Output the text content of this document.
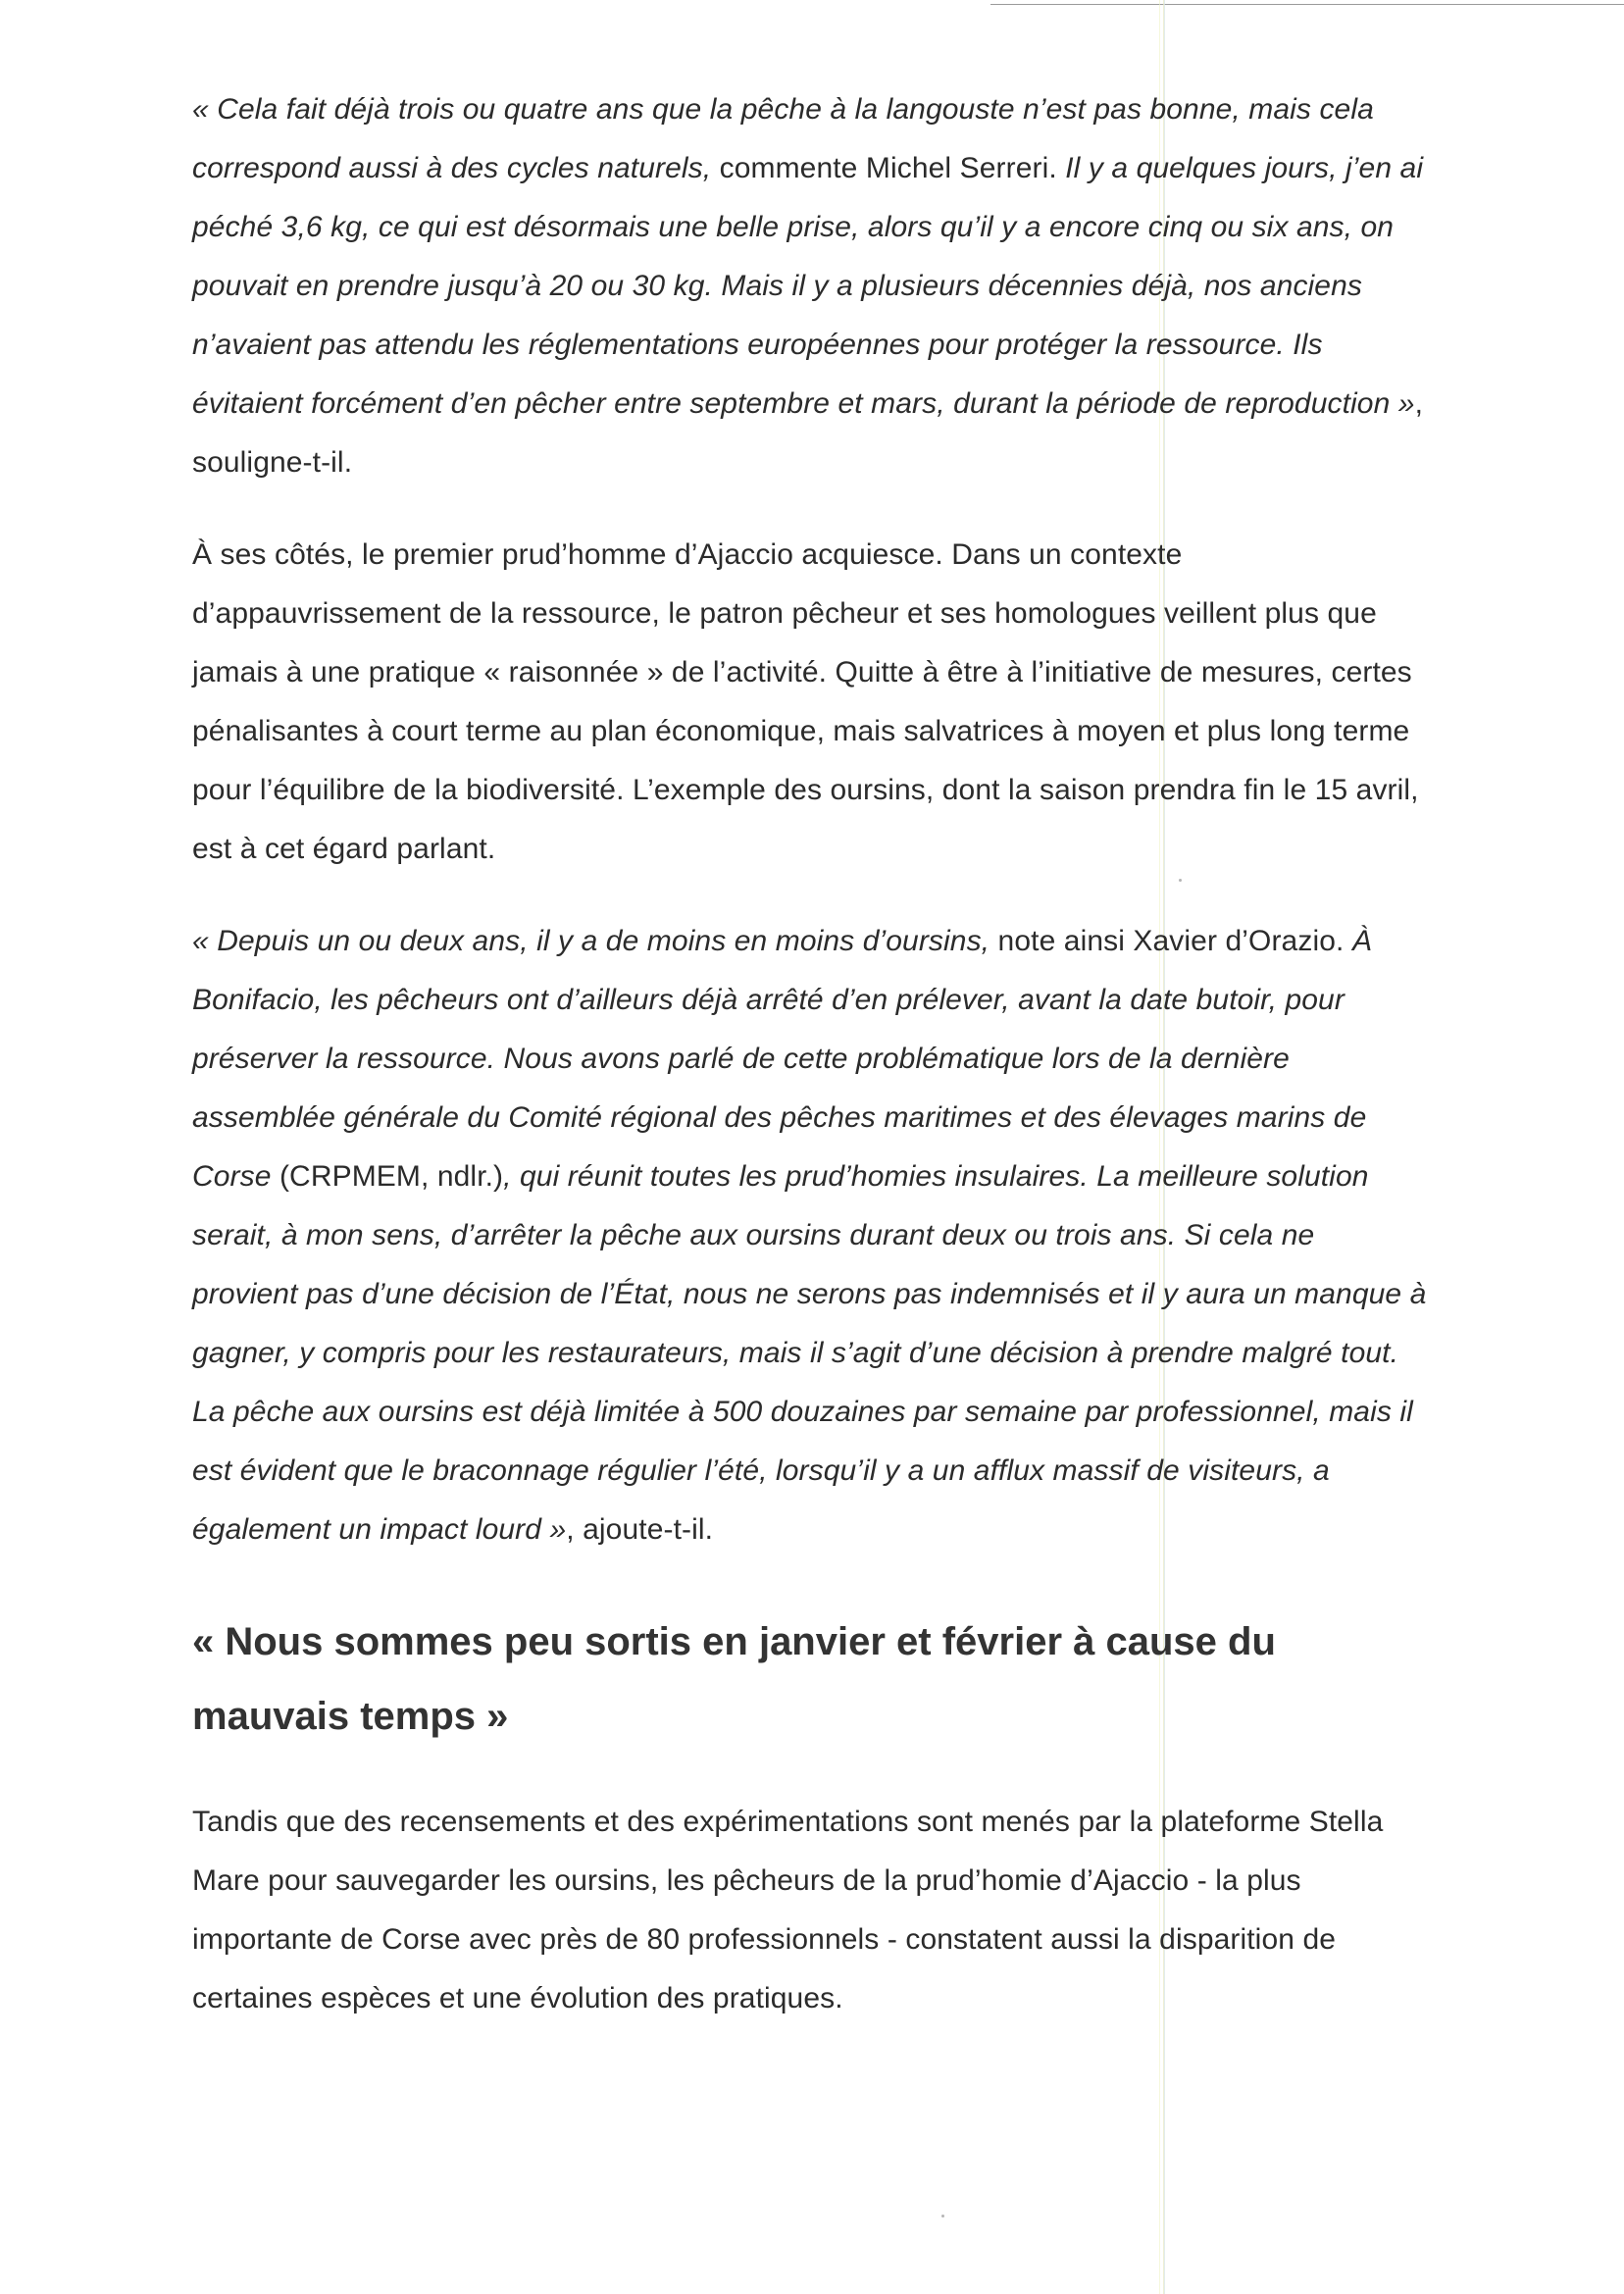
« Cela fait déjà trois ou quatre ans que la pêche à la langouste n’est pas bonne, mais cela correspond aussi à des cycles naturels, commente Michel Serreri. Il y a quelques jours, j’en ai péché 3,6 kg, ce qui est désormais une belle prise, alors qu’il y a encore cinq ou six ans, on pouvait en prendre jusqu’à 20 ou 30 kg. Mais il y a plusieurs décennies déjà, nos anciens n’avaient pas attendu les réglementations européennes pour protéger la ressource. Ils évitaient forcément d’en pêcher entre septembre et mars, durant la période de reproduction », souligne-t-il.

À ses côtés, le premier prud’homme d’Ajaccio acquiesce. Dans un contexte d’appauvrissement de la ressource, le patron pêcheur et ses homologues veillent plus que jamais à une pratique « raisonnée » de l’activité. Quitte à être à l’initiative de mesures, certes pénalisantes à court terme au plan économique, mais salvatrices à moyen et plus long terme pour l’équilibre de la biodiversité. L’exemple des oursins, dont la saison prendra fin le 15 avril, est à cet égard parlant.

« Depuis un ou deux ans, il y a de moins en moins d’oursins, note ainsi Xavier d’Orazio. À Bonifacio, les pêcheurs ont d’ailleurs déjà arrêté d’en prélever, avant la date butoir, pour préserver la ressource. Nous avons parlé de cette problématique lors de la dernière assemblée générale du Comité régional des pêches maritimes et des élevages marins de Corse (CRPMEM, ndlr.), qui réunit toutes les prud’homies insulaires. La meilleure solution serait, à mon sens, d’arrêter la pêche aux oursins durant deux ou trois ans. Si cela ne provient pas d’une décision de l’État, nous ne serons pas indemnisés et il y aura un manque à gagner, y compris pour les restaurateurs, mais il s’agit d’une décision à prendre malgré tout. La pêche aux oursins est déjà limitée à 500 douzaines par semaine par professionnel, mais il est évident que le braconnage régulier l’été, lorsqu’il y a un afflux massif de visiteurs, a également un impact lourd », ajoute-t-il.

« Nous sommes peu sortis en janvier et février à cause du mauvais temps »

Tandis que des recensements et des expérimentations sont menés par la plateforme Stella Mare pour sauvegarder les oursins, les pêcheurs de la prud’homie d’Ajaccio - la plus importante de Corse avec près de 80 professionnels - constatent aussi la disparition de certaines espèces et une évolution des pratiques.
